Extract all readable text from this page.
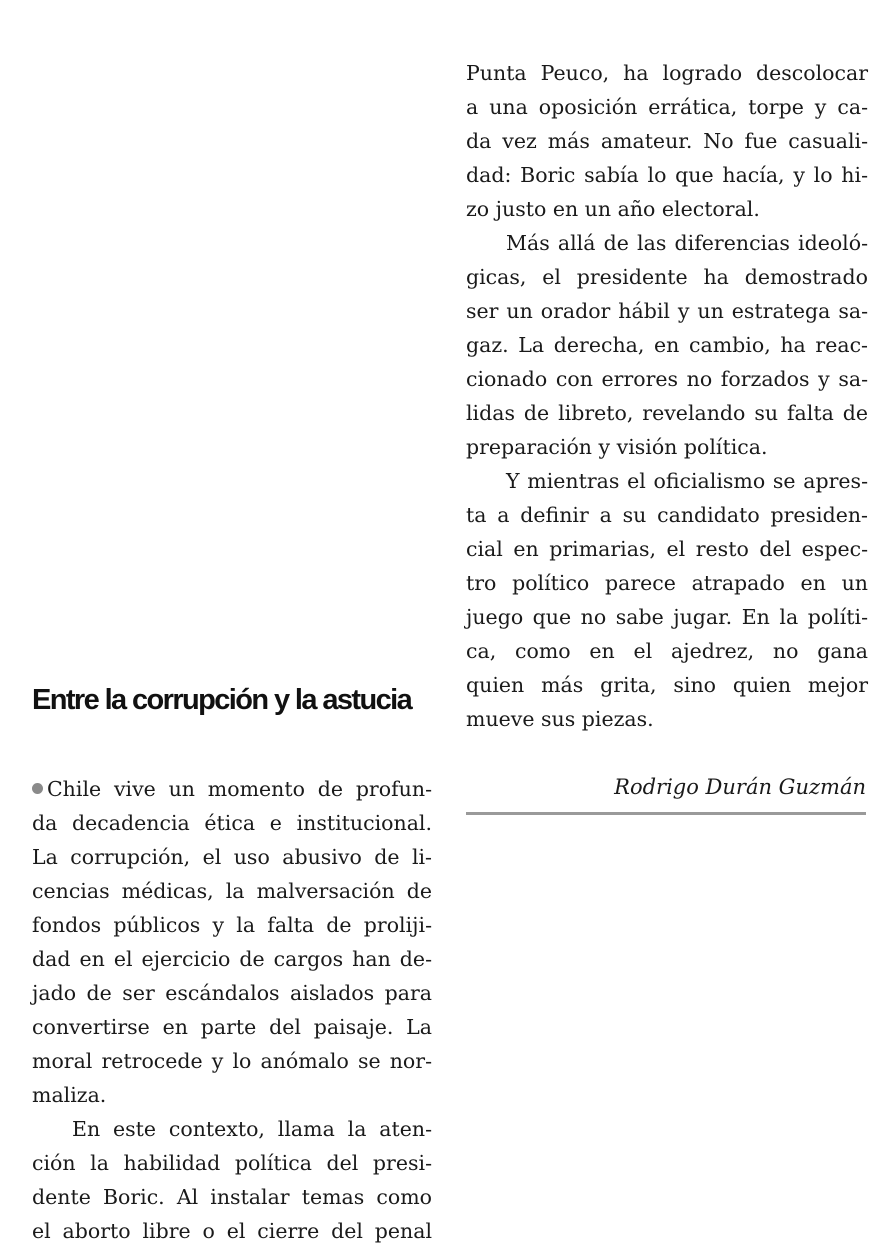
Punta Peuco, ha logrado descolocar
a una oposición errática, torpe y ca-
da vez más amateur. No fue casuali-
dad: Boric sabía lo que hacía, y lo hi-
zo justo en un año electoral.
Más allá de las diferencias ideoló-
gicas, el presidente ha demostrado
ser un orador hábil y un estratega sa-
gaz. La derecha, en cambio, ha reac-
cionado con errores no forzados y sa-
lidas de libreto, revelando su falta de
preparación y visión política.
Y mientras el oficialismo se apres-
ta a definir a su candidato presiden-
cial en primarias, el resto del espec-
tro político parece atrapado en un
juego que no sabe jugar. En la políti-
ca, como en el ajedrez, no gana
quien más grita, sino quien mejor
mueve sus piezas.
Rodrigo Durán Guzmán
Entre la corrupción y la astucia
Chile vive un momento de profun-
da decadencia ética e institucional.
La corrupción, el uso abusivo de li-
cencias médicas, la malversación de
fondos públicos y la falta de proliji-
dad en el ejercicio de cargos han de-
jado de ser escándalos aislados para
convertirse en parte del paisaje. La
moral retrocede y lo anómalo se nor-
maliza.
En este contexto, llama la aten-
ción la habilidad política del presi-
dente Boric. Al instalar temas como
el aborto libre o el cierre del penal
